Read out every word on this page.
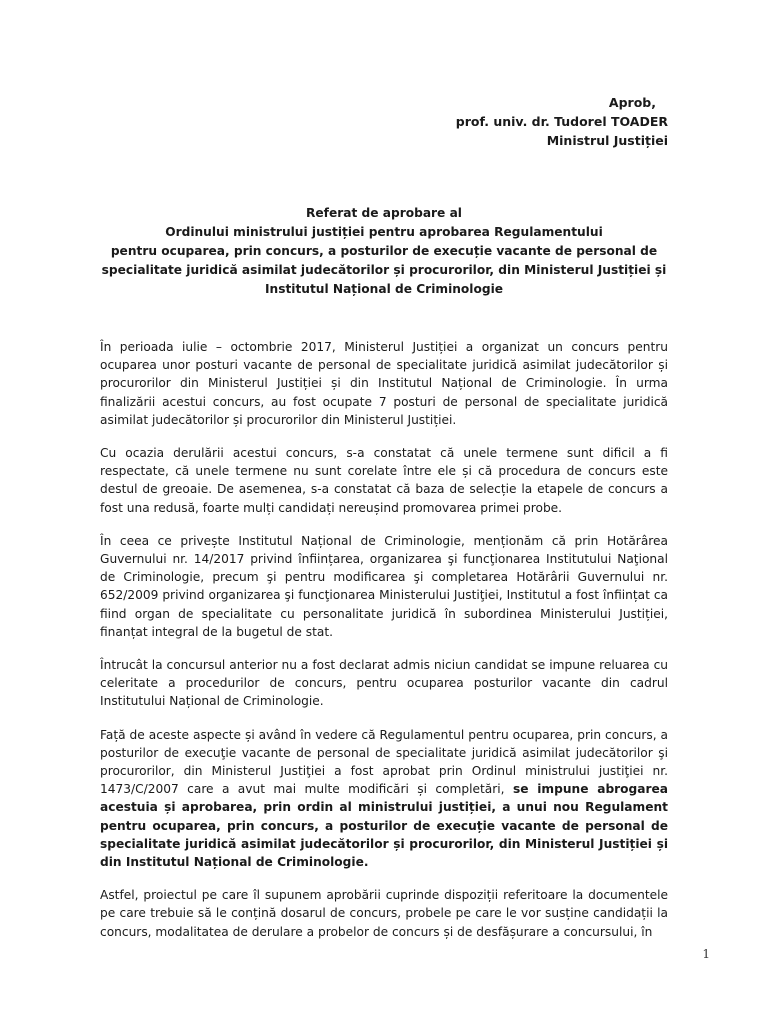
Aprob,
prof. univ. dr. Tudorel TOADER
Ministrul Justiției
Referat de aprobare al
Ordinului ministrului justiției pentru aprobarea Regulamentului
pentru ocuparea, prin concurs, a posturilor de execuție vacante de personal de specialitate juridică asimilat judecătorilor și procurorilor, din Ministerul Justiției și Institutul Național de Criminologie

În perioada iulie – octombrie 2017, Ministerul Justiției a organizat un concurs pentru ocuparea unor posturi vacante de personal de specialitate juridică asimilat judecătorilor și procurorilor din Ministerul Justiției și din Institutul Național de Criminologie. În urma finalizării acestui concurs, au fost ocupate 7 posturi de personal de specialitate juridică asimilat judecătorilor și procurorilor din Ministerul Justiției.

Cu ocazia derulării acestui concurs, s-a constatat că unele termene sunt dificil a fi respectate, că unele termene nu sunt corelate între ele și că procedura de concurs este destul de greoaie. De asemenea, s-a constatat că baza de selecție la etapele de concurs a fost una redusă, foarte mulți candidați nereușind promovarea primei probe.

În ceea ce privește Institutul Național de Criminologie, menționăm că prin Hotărârea Guvernului nr. 14/2017 privind înființarea, organizarea şi funcţionarea Institutului Naţional de Criminologie, precum şi pentru modificarea şi completarea Hotărârii Guvernului nr. 652/2009 privind organizarea şi funcţionarea Ministerului Justiţiei, Institutul a fost înființat ca fiind organ de specialitate cu personalitate juridică în subordinea Ministerului Justiției, finanțat integral de la bugetul de stat.

Întrucât la concursul anterior nu a fost declarat admis niciun candidat se impune reluarea cu celeritate a procedurilor de concurs, pentru ocuparea posturilor vacante din cadrul Institutului Național de Criminologie.

Față de aceste aspecte și având în vedere că Regulamentul pentru ocuparea, prin concurs, a posturilor de execuţie vacante de personal de specialitate juridică asimilat judecătorilor şi procurorilor, din Ministerul Justiţiei a fost aprobat prin Ordinul ministrului justiţiei nr. 1473/C/2007 care a avut mai multe modificări și completări, se impune abrogarea acestuia și aprobarea, prin ordin al ministrului justiției, a unui nou Regulament pentru ocuparea, prin concurs, a posturilor de execuție vacante de personal de specialitate juridică asimilat judecătorilor și procurorilor, din Ministerul Justiției și din Institutul Național de Criminologie.

Astfel, proiectul pe care îl supunem aprobării cuprinde dispoziții referitoare la documentele pe care trebuie să le conțină dosarul de concurs, probele pe care le vor susține candidații la concurs, modalitatea de derulare a probelor de concurs și de desfășurare a concursului, în

1
